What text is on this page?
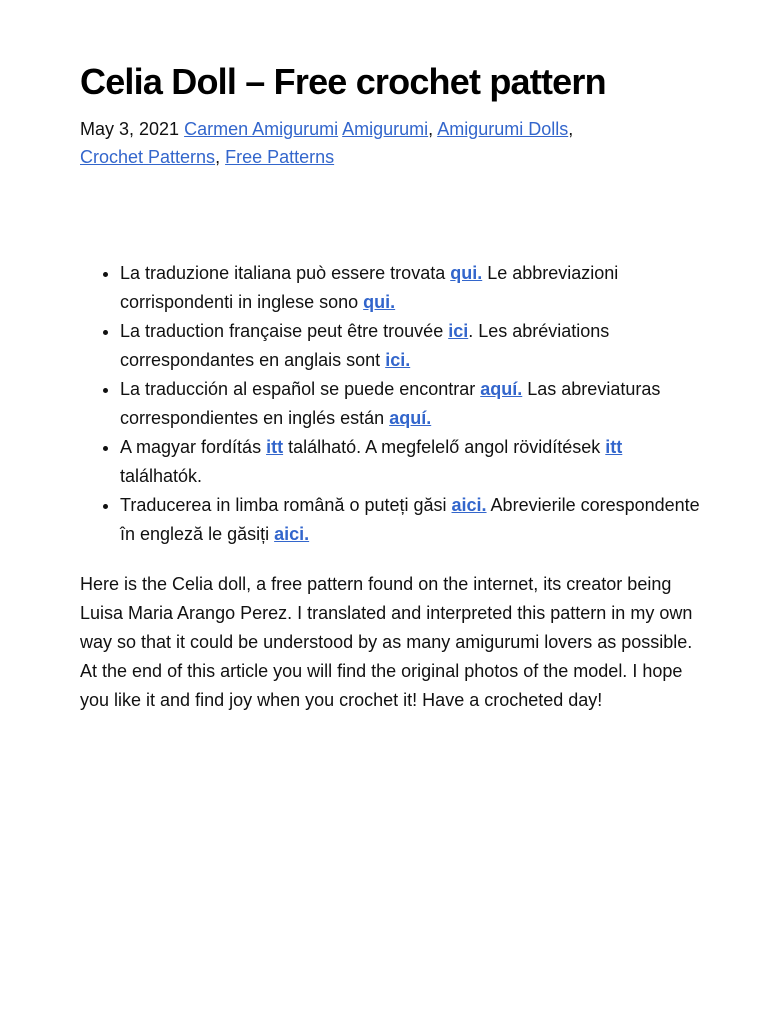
Celia Doll – Free crochet pattern
May 3, 2021 Carmen Amigurumi Amigurumi, Amigurumi Dolls,
Crochet Patterns, Free Patterns
• La traduzione italiana può essere trovata qui. Le abbreviazioni corrispondenti in inglese sono qui.
• La traduction française peut être trouvée ici. Les abréviations correspondantes en anglais sont ici.
• La traducción al español se puede encontrar aquí. Las abreviaturas correspondientes en inglés están aquí.
• A magyar fordítás itt található. A megfelelő angol rövidítések itt találhatók.
• Traducerea in limba română o puteți găsi aici. Abrevierile corespondente în engleză le găsiți aici.

Here is the Celia doll, a free pattern found on the internet, its creator being Luisa Maria Arango Perez. I translated and interpreted this pattern in my own way so that it could be understood by as many amigurumi lovers as possible. At the end of this article you will find the original photos of the model. I hope you like it and find joy when you crochet it! Have a crocheted day!
